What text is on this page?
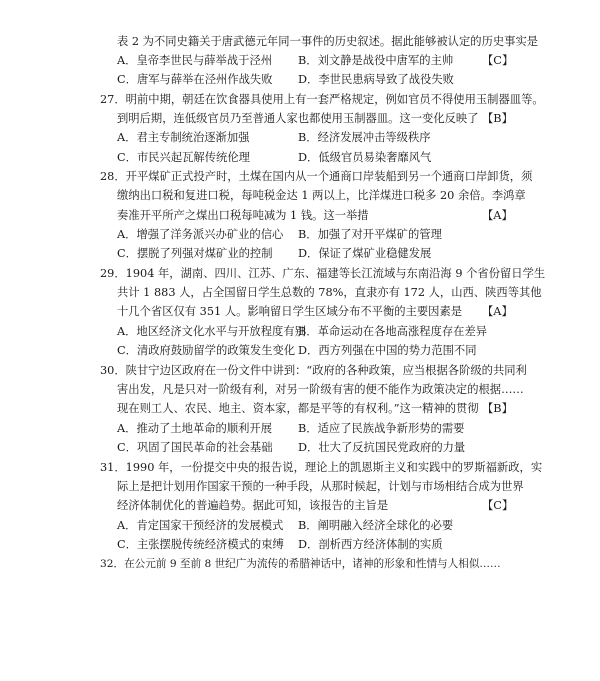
表 2 为不同史籍关于唐武德元年同一事件的历史叙述。据此能够被认定的历史事实是
A．皇帝李世民与薛举战于泾州 B．刘文静是战役中唐军的主帅	【C】
C．唐军与薛举在泾州作战失败 D．李世民患病导致了战役失败
27．明前中期，朝廷在饮食器具使用上有一套严格规定，例如官员不得使用玉制器皿等。
到明后期，连低级官员乃至普通人家也都使用玉制器皿。这一变化反映了 【B】
A．君主专制统治逐渐加强	B．经济发展冲击等级秩序
C．市民兴起瓦解传统伦理	D．低级官员易染奢靡风气
28．开平煤矿正式投产时，土煤在国内从一个通商口岸装船到另一个通商口岸卸货，须
缴纳出口税和复进口税，每吨税金达 1 两以上，比洋煤进口税多 20 余倍。李鸿章
奏准开平所产之煤出口税每吨减为 1 钱。这一举措	【A】
A．增强了洋务派兴办矿业的信心 B．加强了对开平煤矿的管理
C．摆脱了列强对煤矿业的控制 D．保证了煤矿业稳健发展
29．1904 年，湖南、四川、江苏、广东、福建等长江流域与东南沿海 9 个省份留日学生
共计 1 883 人，占全国留日学生总数的 78%，直隶亦有 172 人，山西、陕西等其他
十几个省区仅有 351 人。影响留日学生区域分布不平衡的主要因素是 【A】
A．地区经济文化水平与开放程度有别
B．革命运动在各地高涨程度存在差异
C．清政府鼓励留学的政策发生变化 D．西方列强在中国的势力范围不同
30．陕甘宁边区政府在一份文件中讲到：“政府的各种政策，应当根据各阶级的共同利
害出发，凡是只对一阶级有利，对另一阶级有害的便不能作为政策决定的根据……
现在则工人、农民、地主、资本家，都是平等的有权利。”这一精神的贯彻 【B】
A．推动了土地革命的顺利开展 B．适应了民族战争新形势的需要
C．巩固了国民革命的社会基础 D．壮大了反抗国民党政府的力量
31．1990 年，一份提交中央的报告说，理论上的凯恩斯主义和实践中的罗斯福新政，实
际上是把计划用作国家干预的一种手段，从那时候起，计划与市场相结合成为世界
经济体制优化的普遍趋势。据此可知，该报告的主旨是	【C】
A．肯定国家干预经济的发展模式 B．阐明融入经济全球化的必要
C．主张摆脱传统经济模式的束缚 D．剖析西方经济体制的实质
32．在公元前 9 至前 8 世纪广为流传的希腊神话中，诸神的形象和性情与人相似……
